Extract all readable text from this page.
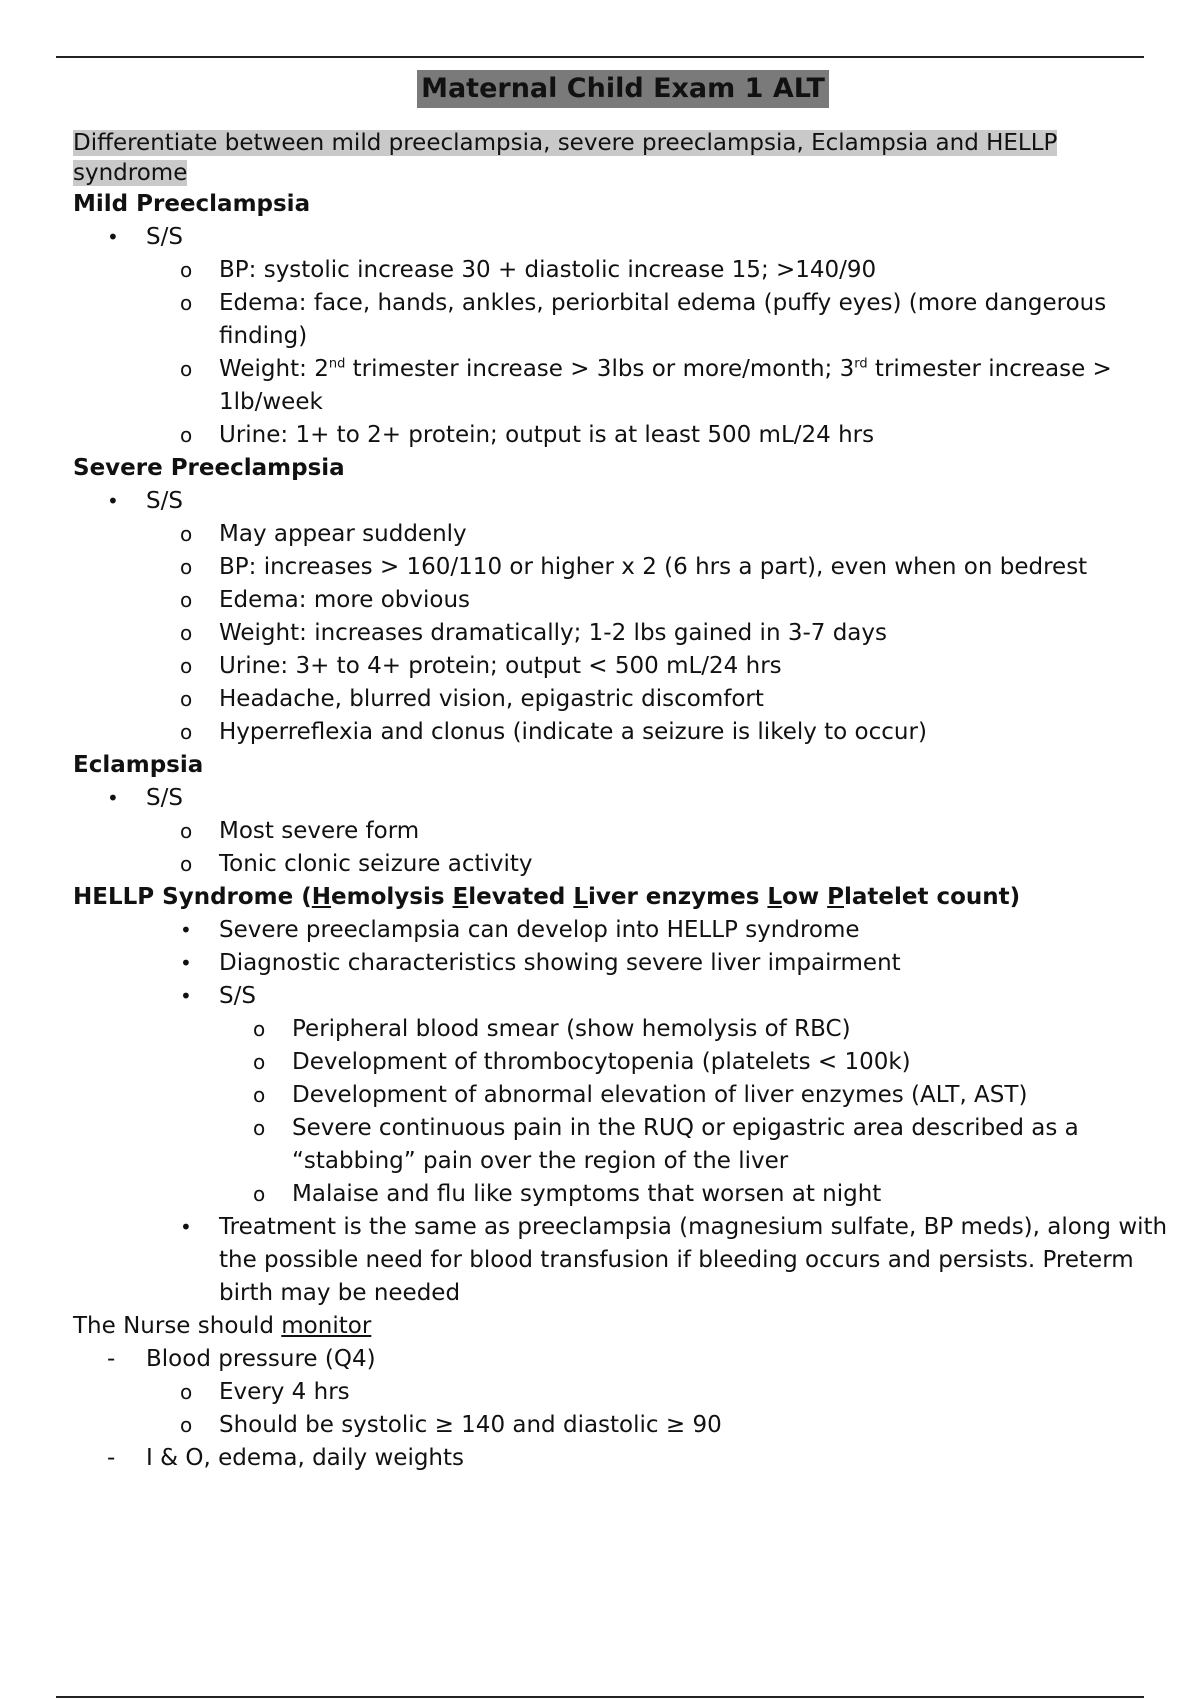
Maternal Child Exam 1 ALT
Differentiate between mild preeclampsia, severe preeclampsia, Eclampsia and HELLP syndrome
Mild Preeclampsia
•	S/S
o	BP: systolic increase 30 + diastolic increase 15; >140/90
o	Edema: face, hands, ankles, periorbital edema (puffy eyes) (more dangerous finding)
o	Weight: 2nd trimester increase > 3lbs or more/month; 3rd trimester increase > 1lb/week
o	Urine: 1+ to 2+ protein; output is at least 500 mL/24 hrs
Severe Preeclampsia
•	S/S
o	May appear suddenly
o	BP: increases > 160/110 or higher x 2 (6 hrs a part), even when on bedrest
o	Edema: more obvious
o	Weight: increases dramatically; 1-2 lbs gained in 3-7 days
o	Urine: 3+ to 4+ protein; output < 500 mL/24 hrs
o	Headache, blurred vision, epigastric discomfort
o	Hyperreflexia and clonus (indicate a seizure is likely to occur)
Eclampsia
•	S/S
o	Most severe form
o	Tonic clonic seizure activity
HELLP Syndrome (Hemolysis Elevated Liver enzymes Low Platelet count)
•	Severe preeclampsia can develop into HELLP syndrome
•	Diagnostic characteristics showing severe liver impairment
•	S/S
o	Peripheral blood smear (show hemolysis of RBC)
o	Development of thrombocytopenia (platelets < 100k)
o	Development of abnormal elevation of liver enzymes (ALT, AST)
o	Severe continuous pain in the RUQ or epigastric area described as a “stabbing” pain over the region of the liver
o	Malaise and flu like symptoms that worsen at night
•	Treatment is the same as preeclampsia (magnesium sulfate, BP meds), along with the possible need for blood transfusion if bleeding occurs and persists. Preterm birth may be needed
The Nurse should monitor
-	Blood pressure (Q4)
o	Every 4 hrs
o	Should be systolic ≥ 140 and diastolic ≥ 90
-	I & O, edema, daily weights
